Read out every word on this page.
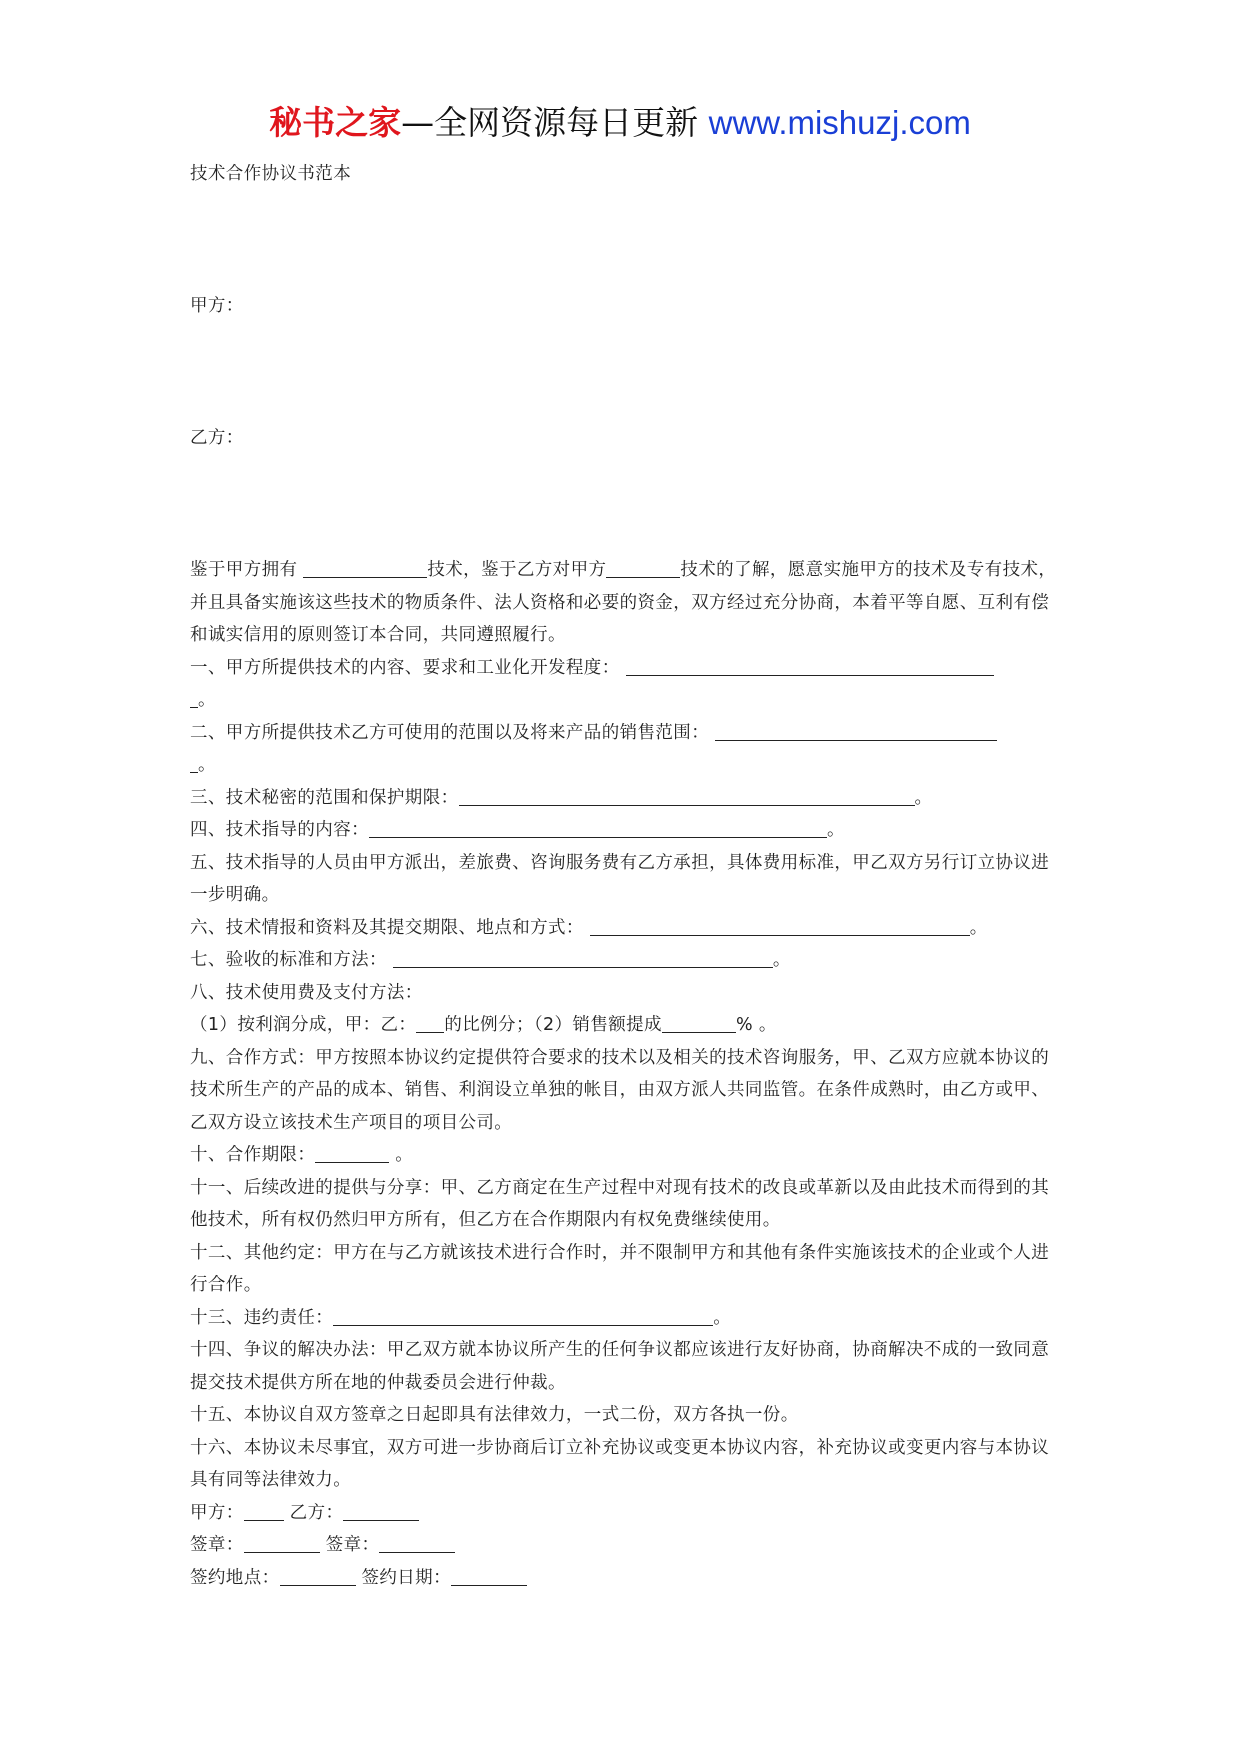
秘书之家—全网资源每日更新 www.mishuzj.com

技术合作协议书范本

甲方：

乙方：

鉴于甲方拥有	技术，鉴于乙方对甲方	技术的了解，愿意实施甲方的技术及专有技术，并且具备实施该这些技术的物质条件、法人资格和必要的资金，双方经过充分协商，本着平等自愿、互利有偿和诚实信用的原则签订本合同，共同遵照履行。

一、甲方所提供技术的内容、要求和工业化开发程度：
。

二、甲方所提供技术乙方可使用的范围以及将来产品的销售范围：
。

三、技术秘密的范围和保护期限：	。

四、技术指导的内容：	。

五、技术指导的人员由甲方派出，差旅费、咨询服务费有乙方承担，具体费用标准，甲乙双方另行订立协议进一步明确。

六、技术情报和资料及其提交期限、地点和方式：	。

七、验收的标准和方法：	。

八、技术使用费及支付方法：

（1）按利润分成，甲：乙： 的比例分；（2）销售额提成	% 。

九、合作方式：甲方按照本协议约定提供符合要求的技术以及相关的技术咨询服务，甲、乙双方应就本协议的技术所生产的产品的成本、销售、利润设立单独的帐目，由双方派人共同监管。在条件成熟时，由乙方或甲、乙双方设立该技术生产项目的项目公司。

十、合作期限：	。

十一、后续改进的提供与分享：甲、乙方商定在生产过程中对现有技术的改良或革新以及由此技术而得到的其他技术，所有权仍然归甲方所有，但乙方在合作期限内有权免费继续使用。

十二、其他约定：甲方在与乙方就该技术进行合作时，并不限制甲方和其他有条件实施该技术的企业或个人进行合作。

十三、违约责任：	。

十四、争议的解决办法：甲乙双方就本协议所产生的任何争议都应该进行友好协商，协商解决不成的一致同意提交技术提供方所在地的仲裁委员会进行仲裁。

十五、本协议自双方签章之日起即具有法律效力，一式二份，双方各执一份。

十六、本协议未尽事宜，双方可进一步协商后订立补充协议或变更本协议内容，补充协议或变更内容与本协议具有同等法律效力。

甲方：	乙方：

签章：	签章：

签约地点：	签约日期：
